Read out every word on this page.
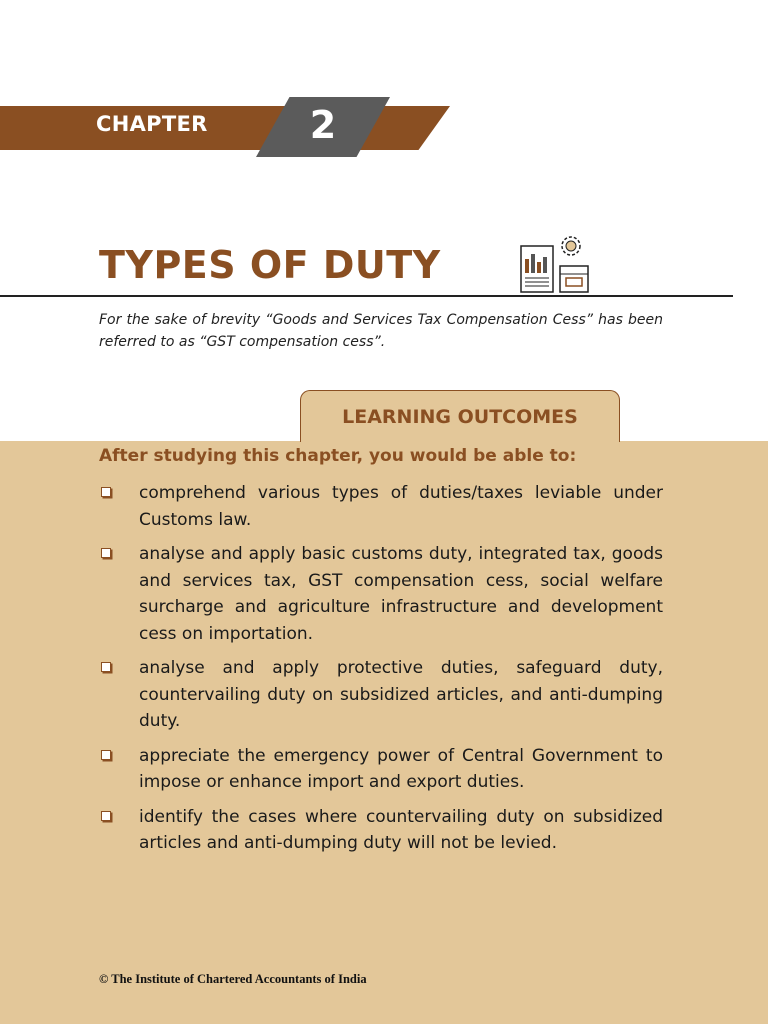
CHAPTER	2
TYPES OF DUTY

For the sake of brevity “Goods and Services Tax Compensation Cess” has been referred to as “GST compensation cess”.

LEARNING OUTCOMES

After studying this chapter, you would be able to:

comprehend various types of duties/taxes leviable under Customs law.
analyse and apply basic customs duty, integrated tax, goods and services tax, GST compensation cess, social welfare surcharge and agriculture infrastructure and development cess on importation.
analyse and apply protective duties, safeguard duty, countervailing duty on subsidized articles, and anti-dumping duty.
appreciate the emergency power of Central Government to impose or enhance import and export duties.
identify the cases where countervailing duty on subsidized articles and anti-dumping duty will not be levied.
© The Institute of Chartered Accountants of India
